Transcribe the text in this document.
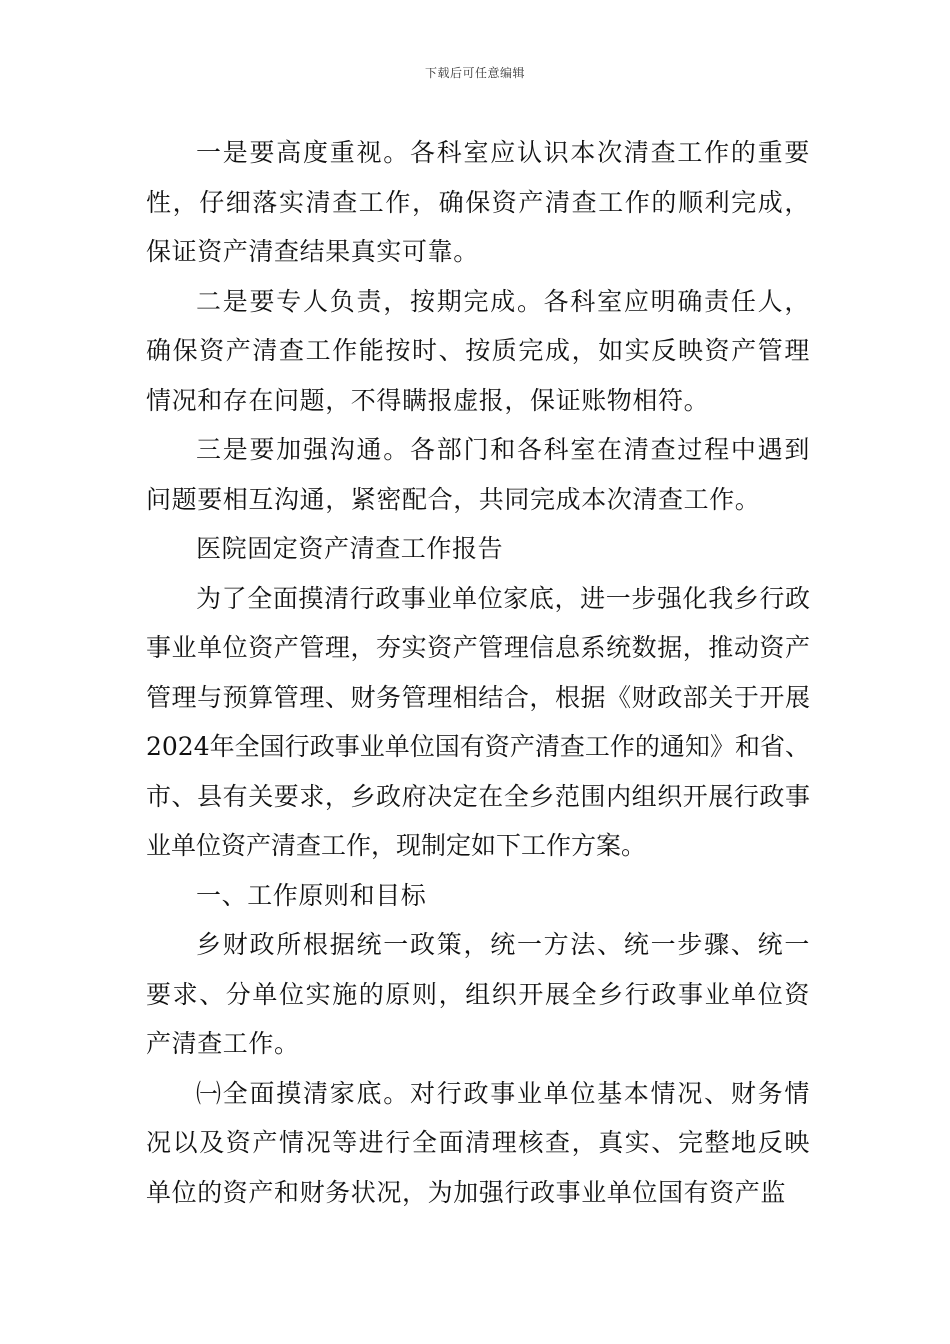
下载后可任意编辑

一是要高度重视。各科室应认识本次清查工作的重要性，仔细落实清查工作，确保资产清查工作的顺利完成，保证资产清查结果真实可靠。

二是要专人负责，按期完成。各科室应明确责任人，确保资产清查工作能按时、按质完成，如实反映资产管理情况和存在问题，不得瞒报虚报，保证账物相符。

三是要加强沟通。各部门和各科室在清查过程中遇到问题要相互沟通，紧密配合，共同完成本次清查工作。

医院固定资产清查工作报告

为了全面摸清行政事业单位家底，进一步强化我乡行政事业单位资产管理，夯实资产管理信息系统数据，推动资产管理与预算管理、财务管理相结合，根据《财政部关于开展2024年全国行政事业单位国有资产清查工作的通知》和省、市、县有关要求，乡政府决定在全乡范围内组织开展行政事业单位资产清查工作，现制定如下工作方案。

一、工作原则和目标

乡财政所根据统一政策，统一方法、统一步骤、统一要求、分单位实施的原则，组织开展全乡行政事业单位资产清查工作。

㈠全面摸清家底。对行政事业单位基本情况、财务情况以及资产情况等进行全面清理核查，真实、完整地反映单位的资产和财务状况，为加强行政事业单位国有资产监
